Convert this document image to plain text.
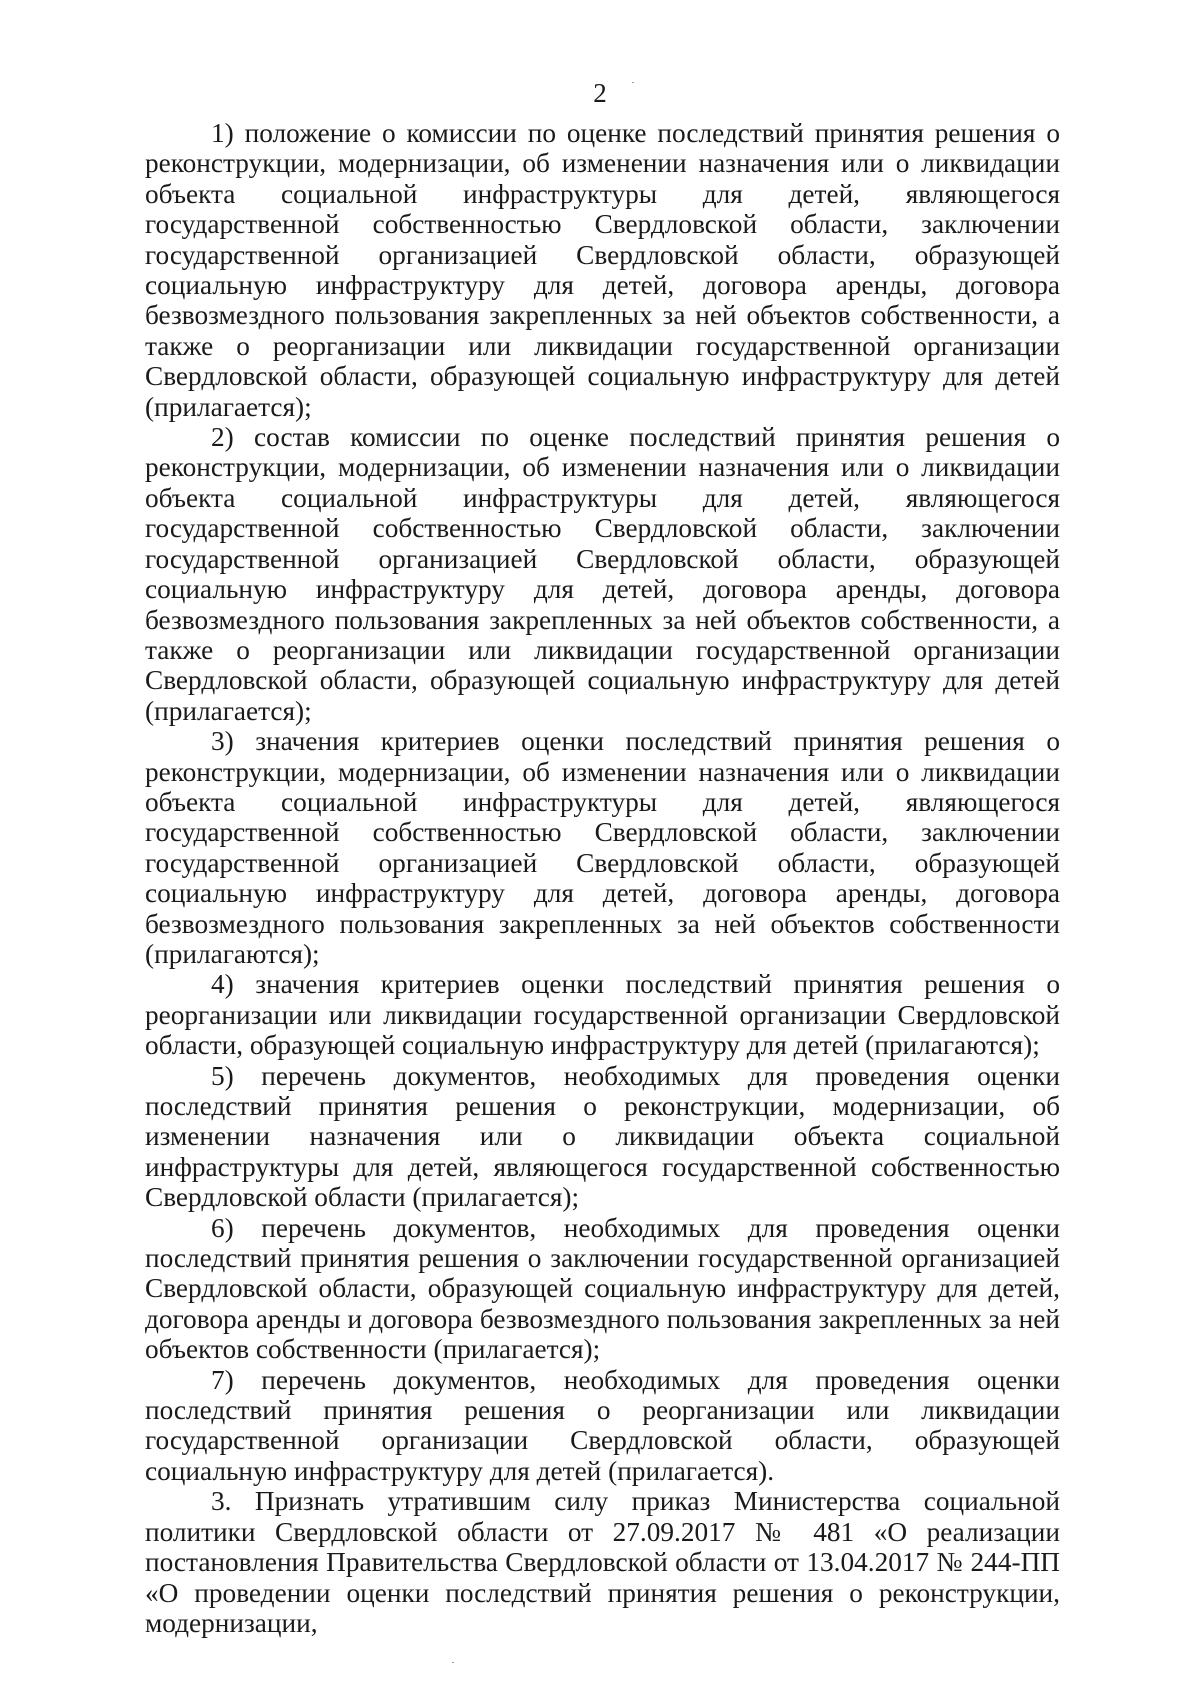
2

1) положение о комиссии по оценке последствий принятия решения о реконструкции, модернизации, об изменении назначения или о ликвидации объекта социальной инфраструктуры для детей, являющегося государственной собственностью Свердловской области, заключении государственной организацией Свердловской области, образующей социальную инфраструктуру для детей, договора аренды, договора безвозмездного пользования закрепленных за ней объектов собственности, а также о реорганизации или ликвидации государственной организации Свердловской области, образующей социальную инфраструктуру для детей (прилагается);

2) состав комиссии по оценке последствий принятия решения о реконструкции, модернизации, об изменении назначения или о ликвидации объекта социальной инфраструктуры для детей, являющегося государственной собственностью Свердловской области, заключении государственной организацией Свердловской области, образующей социальную инфраструктуру для детей, договора аренды, договора безвозмездного пользования закрепленных за ней объектов собственности, а также о реорганизации или ликвидации государственной организации Свердловской области, образующей социальную инфраструктуру для детей (прилагается);

3) значения критериев оценки последствий принятия решения о реконструкции, модернизации, об изменении назначения или о ликвидации объекта социальной инфраструктуры для детей, являющегося государственной собственностью Свердловской области, заключении государственной организацией Свердловской области, образующей социальную инфраструктуру для детей, договора аренды, договора безвозмездного пользования закрепленных за ней объектов собственности (прилагаются);

4) значения критериев оценки последствий принятия решения о реорганизации или ликвидации государственной организации Свердловской области, образующей социальную инфраструктуру для детей (прилагаются);

5) перечень документов, необходимых для проведения оценки последствий принятия решения о реконструкции, модернизации, об изменении назначения или о ликвидации объекта социальной инфраструктуры для детей, являющегося государственной собственностью Свердловской области (прилагается);

6) перечень документов, необходимых для проведения оценки последствий принятия решения о заключении государственной организацией Свердловской области, образующей социальную инфраструктуру для детей, договора аренды и договора безвозмездного пользования закрепленных за ней объектов собственности (прилагается);

7) перечень документов, необходимых для проведения оценки последствий принятия решения о реорганизации или ликвидации государственной организации Свердловской области, образующей социальную инфраструктуру для детей (прилагается).

3. Признать утратившим силу приказ Министерства социальной политики Свердловской области от 27.09.2017 № 481 «О реализации постановления Правительства Свердловской области от 13.04.2017 № 244-ПП «О проведении оценки последствий принятия решения о реконструкции, модернизации,
